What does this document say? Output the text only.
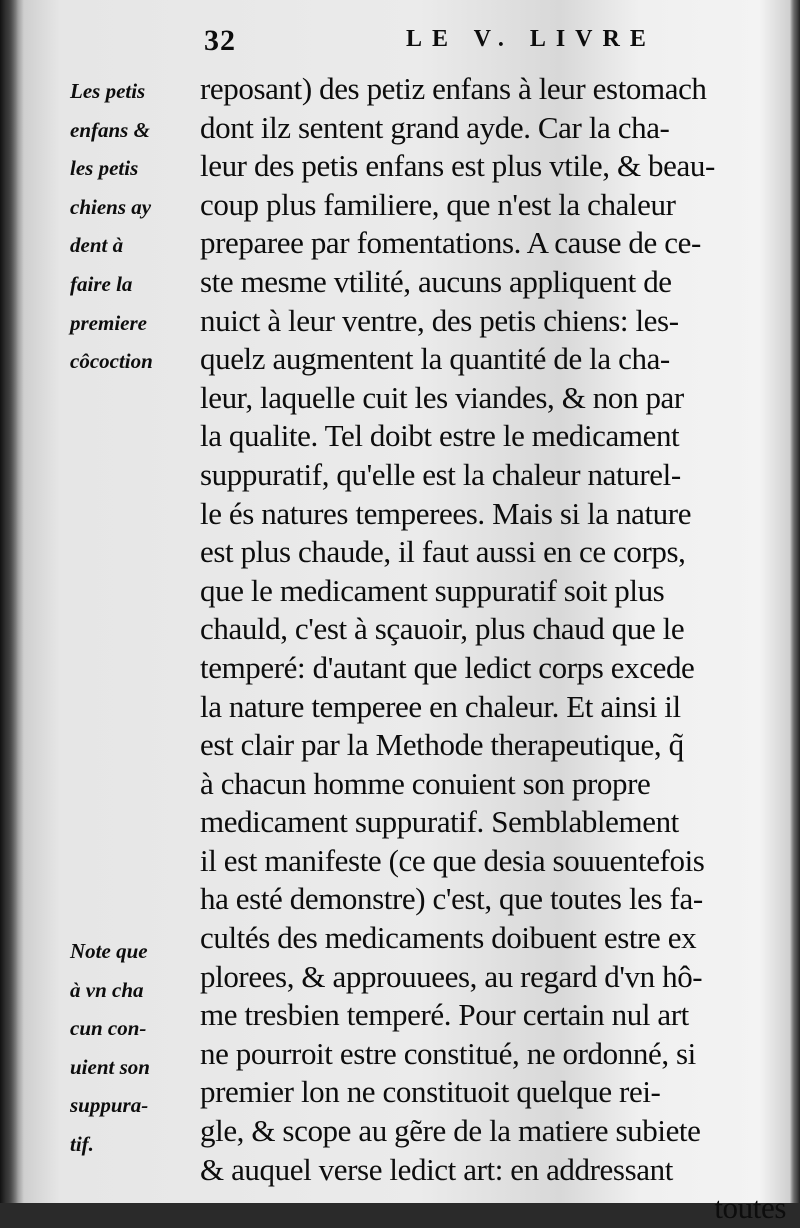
32	LE V. LIVRE
Les petis
enfans &
les petis
chiens ay
dent à
faire la
premiere
côcoction
Note que
à vn cha
cun con-
uient son
suppura-
tif.
reposant) des petiz enfans à leur estomach
dont ilz sentent grand ayde. Car la cha-
leur des petis enfans est plus vtile, & beau-
coup plus familiere, que n'est la chaleur
preparee par fomentations. A cause de ce-
ste mesme vtilité, aucuns appliquent de
nuict à leur ventre, des petis chiens: les-
quelz augmentent la quantité de la cha-
leur, laquelle cuit les viandes, & non par
la qualite. Tel doibt estre le medicament
suppuratif, qu'elle est la chaleur naturel-
le és natures temperees. Mais si la nature
est plus chaude, il faut aussi en ce corps,
que le medicament suppuratif soit plus
chauld, c'est à sçauoir, plus chaud que le
temperé: d'autant que ledict corps excede
la nature temperee en chaleur. Et ainsi il
est clair par la Methode therapeutique, q̃
à chacun homme conuient son propre
medicament suppuratif. Semblablement
il est manifeste (ce que desia souuentefois
ha esté demonstre) c'est, que toutes les fa-
cultés des medicaments doibuent estre ex
plorees, & approuuees, au regard d'vn hô-
me tresbien temperé. Pour certain nul art
ne pourroit estre constitué, ne ordonné, si
premier lon ne constituoit quelque rei-
gle, & scope au gẽre de la matiere subiete
& auquel verse ledict art: en addressant
toutes
